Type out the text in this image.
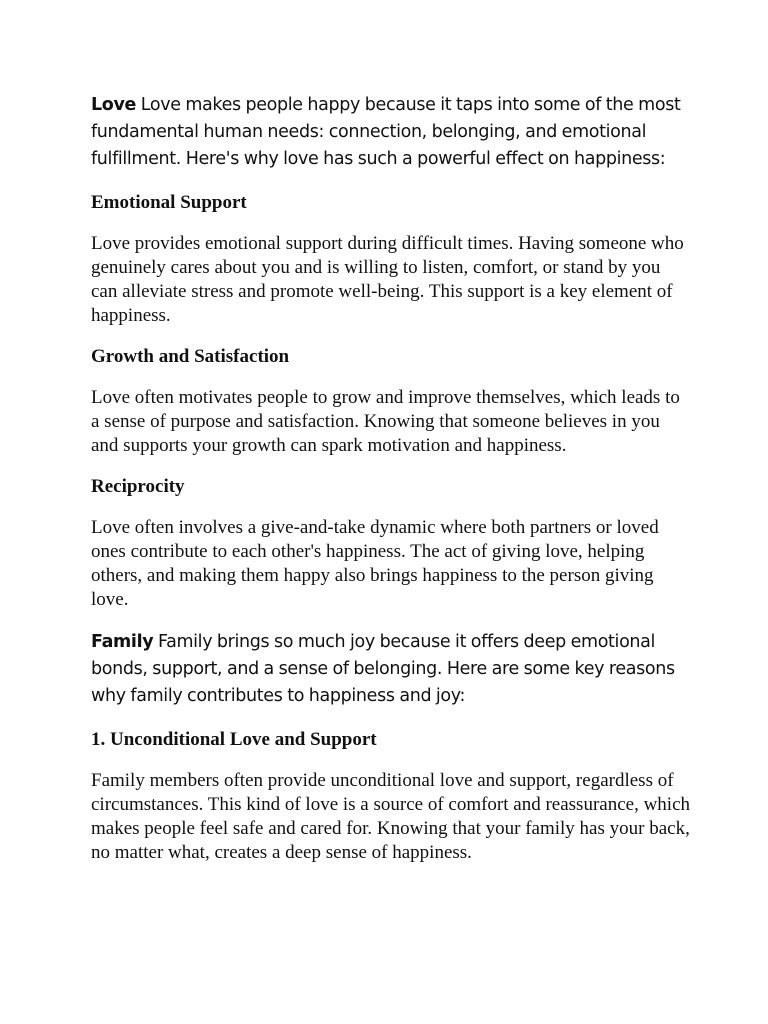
Love Love makes people happy because it taps into some of the most fundamental human needs: connection, belonging, and emotional fulfillment. Here's why love has such a powerful effect on happiness:

Emotional Support

Love provides emotional support during difficult times. Having someone who genuinely cares about you and is willing to listen, comfort, or stand by you can alleviate stress and promote well-being. This support is a key element of happiness.

Growth and Satisfaction

Love often motivates people to grow and improve themselves, which leads to a sense of purpose and satisfaction. Knowing that someone believes in you and supports your growth can spark motivation and happiness.

Reciprocity

Love often involves a give-and-take dynamic where both partners or loved ones contribute to each other's happiness. The act of giving love, helping others, and making them happy also brings happiness to the person giving love.

Family Family brings so much joy because it offers deep emotional bonds, support, and a sense of belonging. Here are some key reasons why family contributes to happiness and joy:

1. Unconditional Love and Support

Family members often provide unconditional love and support, regardless of circumstances. This kind of love is a source of comfort and reassurance, which makes people feel safe and cared for. Knowing that your family has your back, no matter what, creates a deep sense of happiness.
